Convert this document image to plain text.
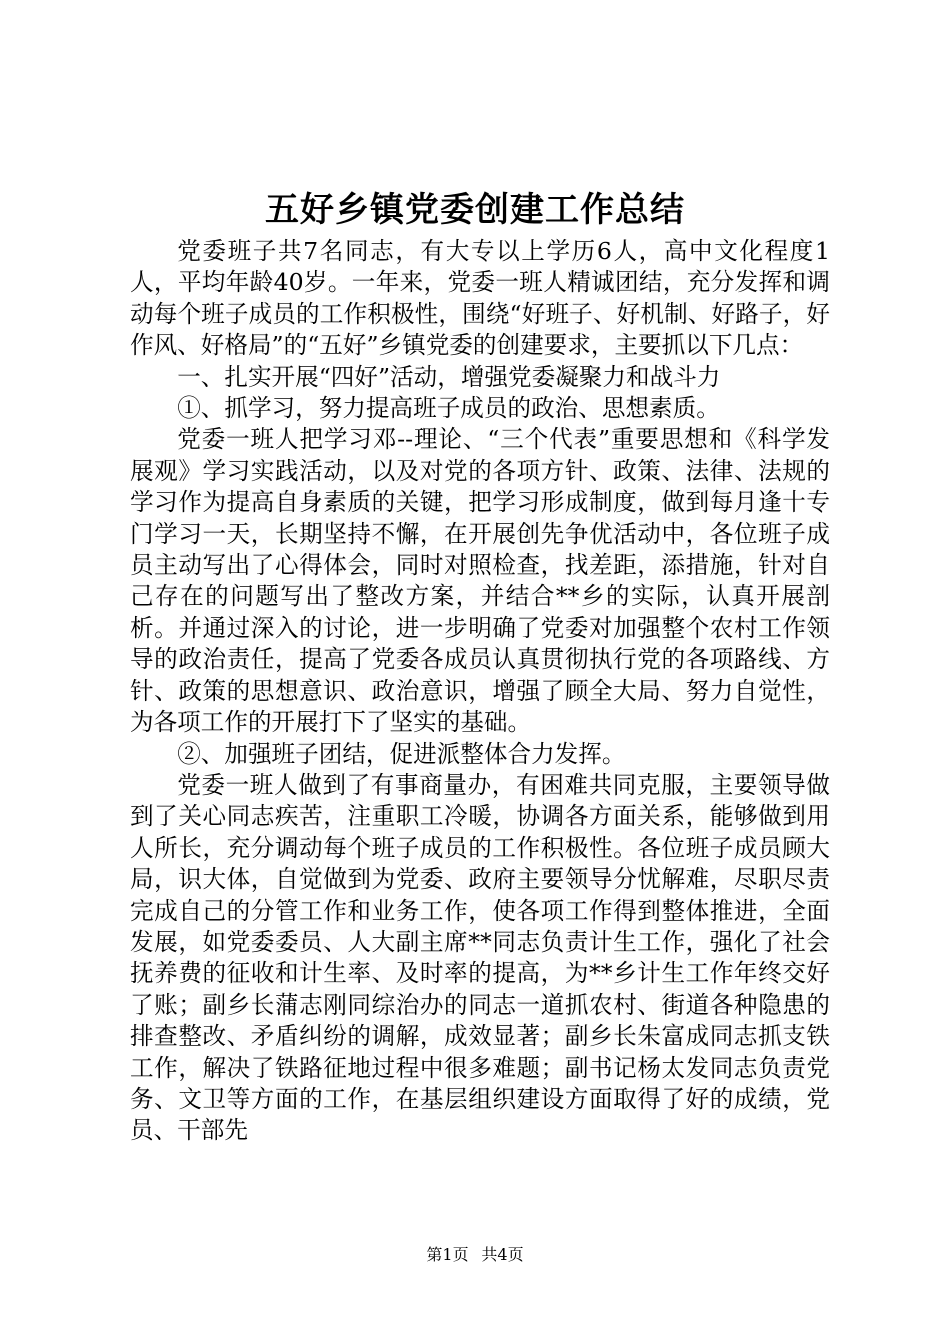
五好乡镇党委创建工作总结

党委班子共7名同志，有大专以上学历6人，高中文化程度1人，平均年龄40岁。一年来，党委一班人精诚团结，充分发挥和调动每个班子成员的工作积极性，围绕“好班子、好机制、好路子，好作风、好格局”的“五好”乡镇党委的创建要求，主要抓以下几点：

一、扎实开展“四好”活动，增强党委凝聚力和战斗力

①、抓学习，努力提高班子成员的政治、思想素质。

党委一班人把学习邓--理论、“三个代表”重要思想和《科学发展观》学习实践活动，以及对党的各项方针、政策、法律、法规的学习作为提高自身素质的关键，把学习形成制度，做到每月逢十专门学习一天，长期坚持不懈，在开展创先争优活动中，各位班子成员主动写出了心得体会，同时对照检查，找差距，添措施，针对自己存在的问题写出了整改方案，并结合**乡的实际，认真开展剖析。并通过深入的讨论，进一步明确了党委对加强整个农村工作领导的政治责任，提高了党委各成员认真贯彻执行党的各项路线、方针、政策的思想意识、政治意识，增强了顾全大局、努力自觉性，为各项工作的开展打下了坚实的基础。

②、加强班子团结，促进派整体合力发挥。

党委一班人做到了有事商量办，有困难共同克服，主要领导做到了关心同志疾苦，注重职工冷暖，协调各方面关系，能够做到用人所长，充分调动每个班子成员的工作积极性。各位班子成员顾大局，识大体，自觉做到为党委、政府主要领导分忧解难，尽职尽责完成自己的分管工作和业务工作，使各项工作得到整体推进，全面发展，如党委委员、人大副主席**同志负责计生工作，强化了社会抚养费的征收和计生率、及时率的提高，为**乡计生工作年终交好了账；副乡长蒲志刚同综治办的同志一道抓农村、街道各种隐患的排查整改、矛盾纠纷的调解，成效显著；副乡长朱富成同志抓支铁工作，解决了铁路征地过程中很多难题；副书记杨太发同志负责党务、文卫等方面的工作，在基层组织建设方面取得了好的成绩，党员、干部先

第1页 共4页
